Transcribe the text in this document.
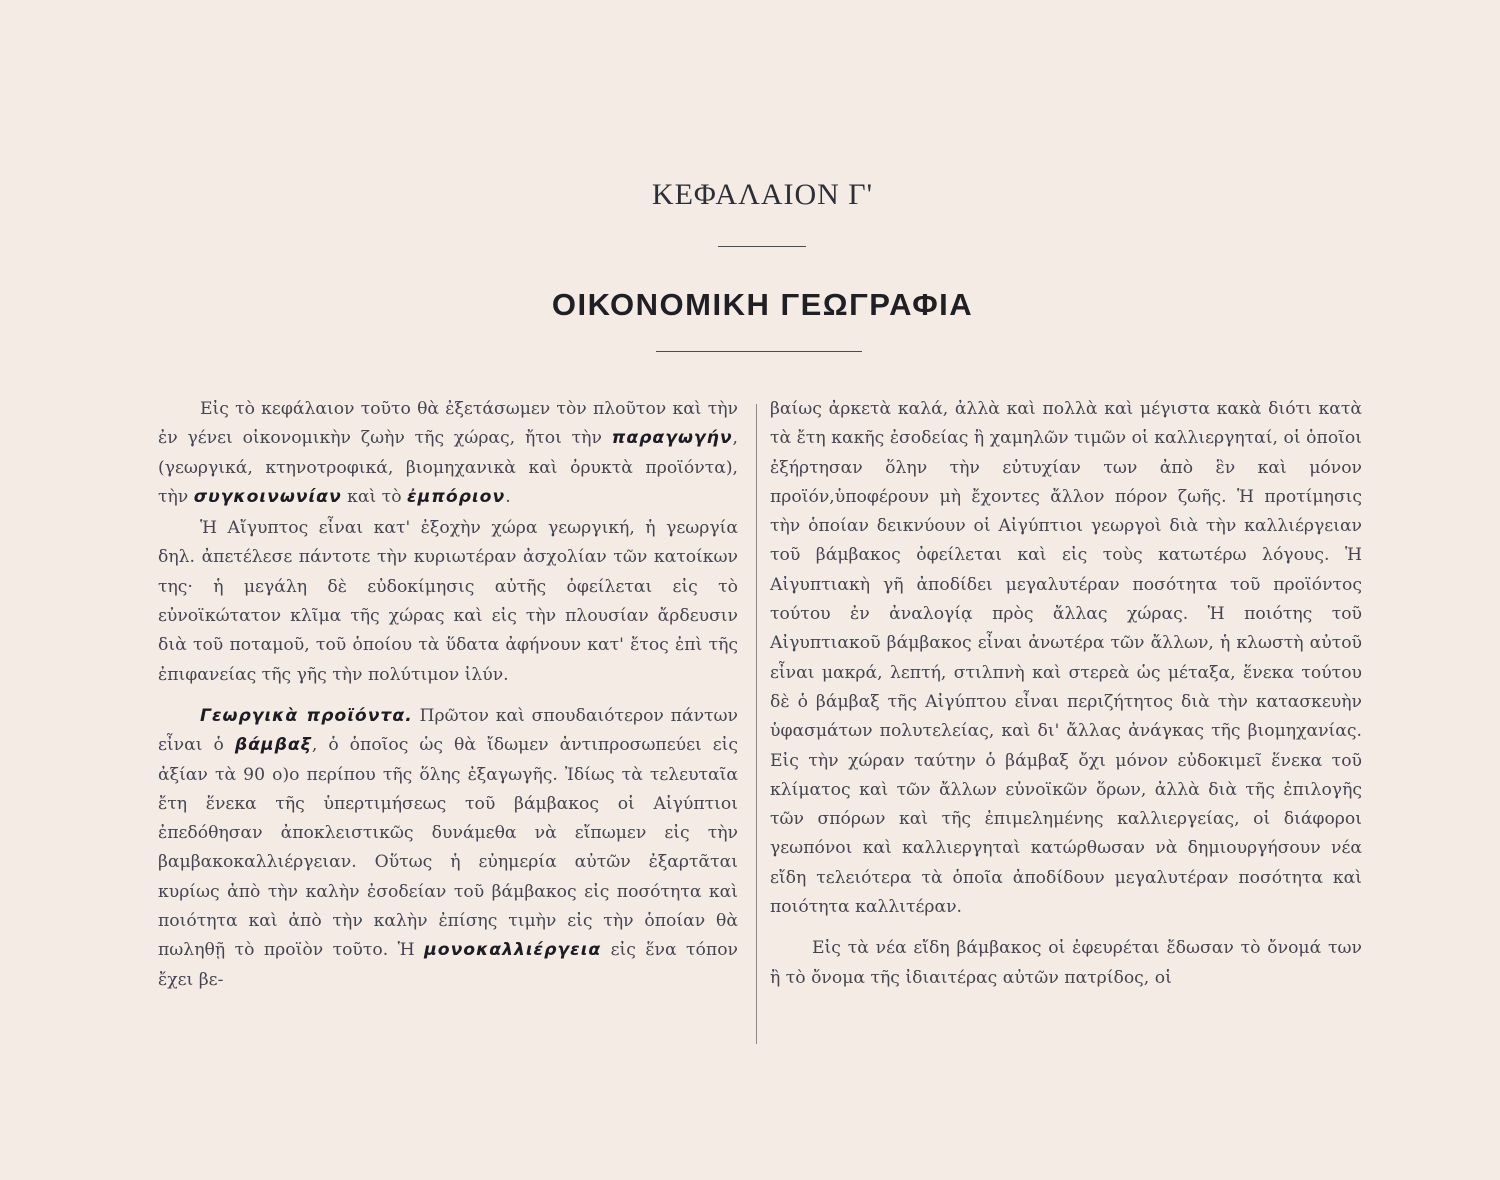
ΚΕΦΑΛΑΙΟΝ Γ'
ΟΙΚΟΝΟΜΙΚΗ ΓΕΩΓΡΑΦΙΑ

Εἰς τὸ κεφάλαιον τοῦτο θὰ ἐξετάσωμεν τὸν πλοῦτον καὶ τὴν ἐν γένει οἰκονομικὴν ζωὴν τῆς χώρας, ἤτοι τὴν παραγωγήν, (γεωργικά, κτηνοτροφικά, βιομηχανικὰ καὶ ὀρυκτὰ προϊόντα), τὴν συγκοινωνίαν καὶ τὸ ἐμπόριον.

Ἡ Αἴγυπτος εἶναι κατ' ἐξοχὴν χώρα γεωργική, ἡ γεωργία δηλ. ἀπετέλεσε πάντοτε τὴν κυριωτέραν ἀσχολίαν τῶν κατοίκων της· ἡ μεγάλη δὲ εὐδοκίμησις αὐτῆς ὀφείλεται εἰς τὸ εὐνοϊκώτατον κλῖμα τῆς χώρας καὶ εἰς τὴν πλουσίαν ἄρδευσιν διὰ τοῦ ποταμοῦ, τοῦ ὁποίου τὰ ὕδατα ἀφήνουν κατ' ἔτος ἐπὶ τῆς ἐπιφανείας τῆς γῆς τὴν πολύτιμον ἰλύν.

Γεωργικὰ προϊόντα. Πρῶτον καὶ σπουδαιότερον πάντων εἶναι ὁ βάμβαξ, ὁ ὁποῖος ὡς θὰ ἴδωμεν ἀντιπροσωπεύει εἰς ἀξίαν τὰ 90 ο)ο περίπου τῆς ὅλης ἐξαγωγῆς. Ἰδίως τὰ τελευταῖα ἔτη ἕνεκα τῆς ὑπερτιμήσεως τοῦ βάμβακος οἱ Αἰγύπτιοι ἐπεδόθησαν ἀποκλειστικῶς δυνάμεθα νὰ εἴπωμεν εἰς τὴν βαμβακοκαλλιέργειαν. Οὕτως ἡ εὐημερία αὐτῶν ἐξαρτᾶται κυρίως ἀπὸ τὴν καλὴν ἐσοδείαν τοῦ βάμβακος εἰς ποσότητα καὶ ποιότητα καὶ ἀπὸ τὴν καλὴν ἐπίσης τιμὴν εἰς τὴν ὁποίαν θὰ πωληθῇ τὸ προϊὸν τοῦτο. Ἡ μονοκαλλιέργεια εἰς ἕνα τόπον ἔχει βε-

βαίως ἀρκετὰ καλά, ἀλλὰ καὶ πολλὰ καὶ μέγιστα κακὰ διότι κατὰ τὰ ἔτη κακῆς ἐσοδείας ἢ χαμηλῶν τιμῶν οἱ καλλιεργηταί, οἱ ὁποῖοι ἐξήρτησαν ὅλην τὴν εὐτυχίαν των ἀπὸ ἓν καὶ μόνον προϊόν,ὑποφέρουν μὴ ἔχοντες ἄλλον πόρον ζωῆς. Ἡ προτίμησις τὴν ὁποίαν δεικνύουν οἱ Αἰγύπτιοι γεωργοὶ διὰ τὴν καλλιέργειαν τοῦ βάμβακος ὀφείλεται καὶ εἰς τοὺς κατωτέρω λόγους. Ἡ Αἰγυπτιακὴ γῆ ἀποδίδει μεγαλυτέραν ποσότητα τοῦ προϊόντος τούτου ἐν ἀναλογίᾳ πρὸς ἄλλας χώρας. Ἡ ποιότης τοῦ Αἰγυπτιακοῦ βάμβακος εἶναι ἀνωτέρα τῶν ἄλλων, ἡ κλωστὴ αὐτοῦ εἶναι μακρά, λεπτή, στιλπνὴ καὶ στερεὰ ὡς μέταξα, ἕνεκα τούτου δὲ ὁ βάμβαξ τῆς Αἰγύπτου εἶναι περιζήτητος διὰ τὴν κατασκευὴν ὑφασμάτων πολυτελείας, καὶ δι' ἄλλας ἀνάγκας τῆς βιομηχανίας. Εἰς τὴν χώραν ταύτην ὁ βάμβαξ ὄχι μόνον εὐδοκιμεῖ ἕνεκα τοῦ κλίματος καὶ τῶν ἄλλων εὐνοϊκῶν ὅρων, ἀλλὰ διὰ τῆς ἐπιλογῆς τῶν σπόρων καὶ τῆς ἐπιμελημένης καλλιεργείας, οἱ διάφοροι γεωπόνοι καὶ καλλιεργηταὶ κατώρθωσαν νὰ δημιουργήσουν νέα εἴδη τελειότερα τὰ ὁποῖα ἀποδίδουν μεγαλυτέραν ποσότητα καὶ ποιότητα καλλιτέραν.

Εἰς τὰ νέα εἴδη βάμβακος οἱ ἐφευρέται ἔδωσαν τὸ ὄνομά των ἢ τὸ ὄνομα τῆς ἰδιαιτέρας αὐτῶν πατρίδος, οἱ
